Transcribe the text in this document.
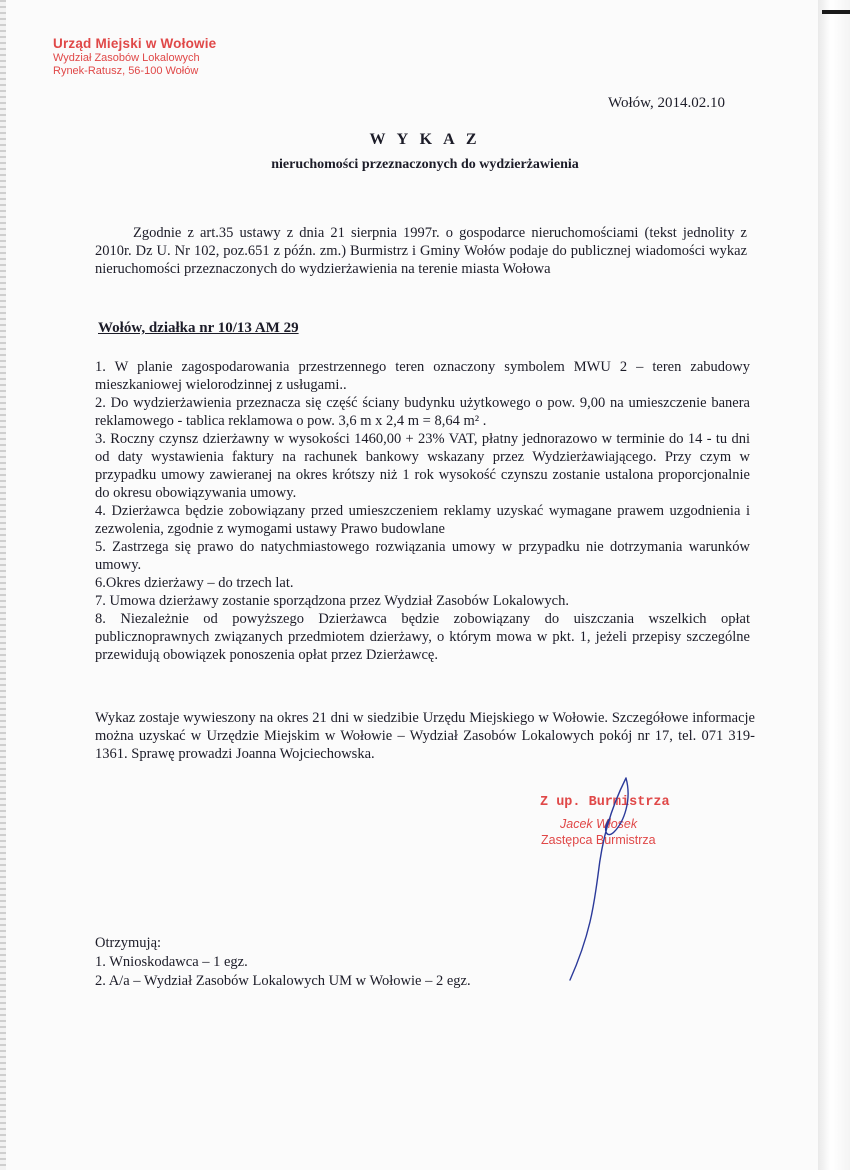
Urząd Miejski w Wołowie
Wydział Zasobów Lokalowych
Rynek-Ratusz, 56-100 Wołów
Wołów, 2014.02.10
W Y K A Z
nieruchomości przeznaczonych do wydzierżawienia
Zgodnie z art.35 ustawy z dnia 21 sierpnia 1997r. o gospodarce nieruchomościami (tekst jednolity z 2010r. Dz U. Nr 102, poz.651 z późn. zm.) Burmistrz i Gminy Wołów podaje do publicznej wiadomości wykaz nieruchomości przeznaczonych do wydzierżawienia na terenie miasta Wołowa
Wołów, działka nr 10/13 AM 29

1. W planie zagospodarowania przestrzennego teren oznaczony symbolem MWU 2 – teren zabudowy mieszkaniowej wielorodzinnej z usługami..

2. Do wydzierżawienia przeznacza się część ściany budynku użytkowego o pow. 9,00 na umieszczenie banera reklamowego - tablica reklamowa o pow. 3,6 m x 2,4 m = 8,64 m² .

3. Roczny czynsz dzierżawny w wysokości 1460,00 + 23% VAT, płatny jednorazowo w terminie do 14 - tu dni od daty wystawienia faktury na rachunek bankowy wskazany przez Wydzierżawiającego. Przy czym w przypadku umowy zawieranej na okres krótszy niż 1 rok wysokość czynszu zostanie ustalona proporcjonalnie do okresu obowiązywania umowy.

4. Dzierżawca będzie zobowiązany przed umieszczeniem reklamy uzyskać wymagane prawem uzgodnienia i zezwolenia, zgodnie z wymogami ustawy Prawo budowlane

5. Zastrzega się prawo do natychmiastowego rozwiązania umowy w przypadku nie dotrzymania warunków umowy.

6.Okres dzierżawy – do trzech lat.

7. Umowa dzierżawy zostanie sporządzona przez Wydział Zasobów Lokalowych.

8. Niezależnie od powyższego Dzierżawca będzie zobowiązany do uiszczania wszelkich opłat publicznoprawnych związanych przedmiotem dzierżawy, o którym mowa w pkt. 1, jeżeli przepisy szczególne przewidują obowiązek ponoszenia opłat przez Dzierżawcę.

Wykaz zostaje wywieszony na okres 21 dni w siedzibie Urzędu Miejskiego w Wołowie. Szczegółowe informacje można uzyskać w Urzędzie Miejskim w Wołowie – Wydział Zasobów Lokalowych pokój nr 17, tel. 071 319-1361. Sprawę prowadzi Joanna Wojciechowska.
Z up. Burmistrza
Jacek Włosek
Zastępca Burmistrza

Otrzymują:

1. Wnioskodawca – 1 egz.

2. A/a – Wydział Zasobów Lokalowych UM w Wołowie – 2 egz.
